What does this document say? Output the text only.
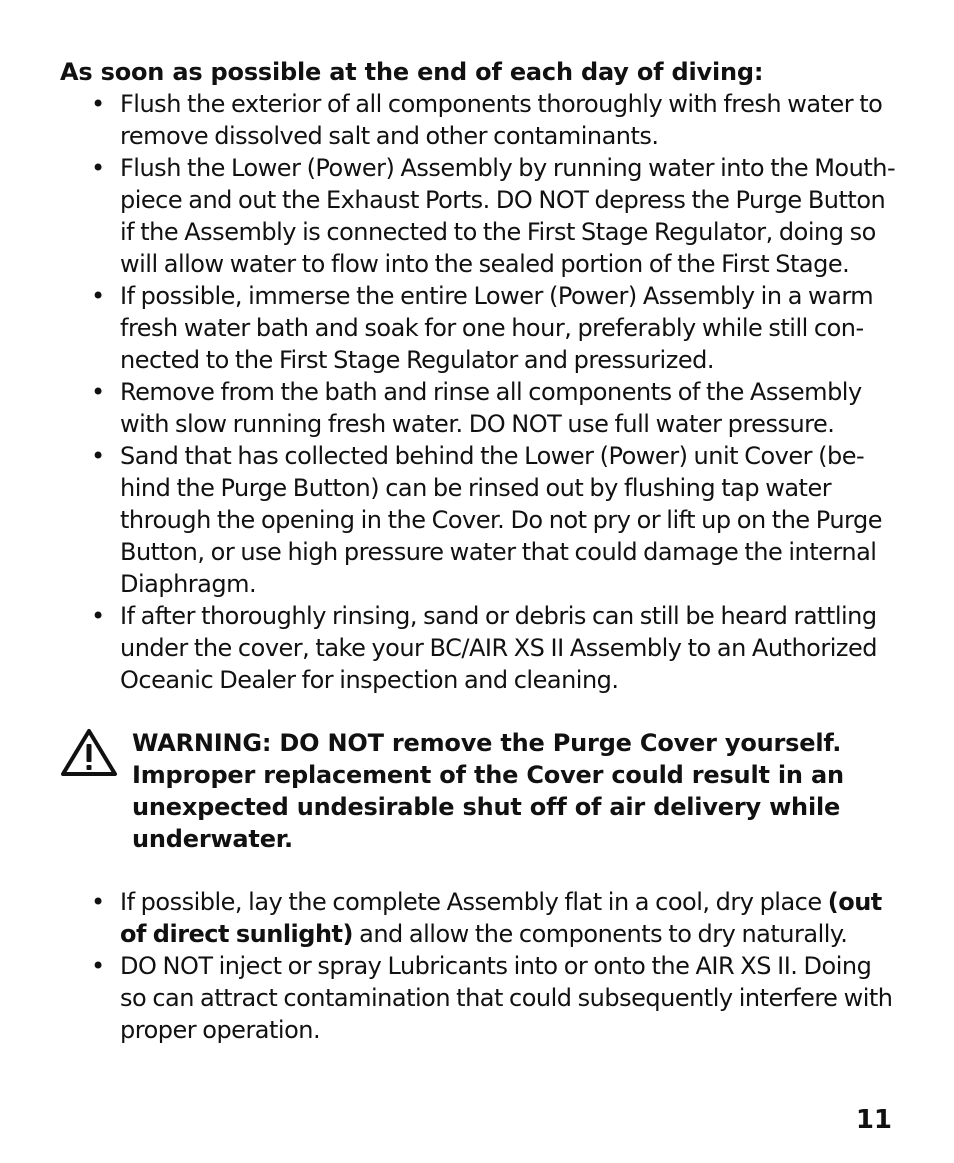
As soon as possible at the end of each day of diving:

• Flush the exterior of all components thoroughly with fresh water to remove dissolved salt and other contaminants.
• Flush the Lower (Power) Assembly by running water into the Mouth-piece and out the Exhaust Ports. DO NOT depress the Purge Button if the Assembly is connected to the First Stage Regulator, doing so will allow water to flow into the sealed portion of the First Stage.
• If possible, immerse the entire Lower (Power) Assembly in a warm fresh water bath and soak for one hour, preferably while still con-nected to the First Stage Regulator and pressurized.
• Remove from the bath and rinse all components of the Assembly with slow running fresh water. DO NOT use full water pressure.
• Sand that has collected behind the Lower (Power) unit Cover (be-hind the Purge Button) can be rinsed out by flushing tap water through the opening in the Cover. Do not pry or lift up on the Purge Button, or use high pressure water that could damage the internal Diaphragm.
• If after thoroughly rinsing, sand or debris can still be heard rattling under the cover, take your BC/AIR XS II Assembly to an Authorized Oceanic Dealer for inspection and cleaning.

WARNING: DO NOT remove the Purge Cover yourself. Improper replacement of the Cover could result in an unexpected undesirable shut off of air delivery while underwater.

• If possible, lay the complete Assembly flat in a cool, dry place (out of direct sunlight) and allow the components to dry naturally.
• DO NOT inject or spray Lubricants into or onto the AIR XS II. Doing so can attract contamination that could subsequently interfere with proper operation.
11
